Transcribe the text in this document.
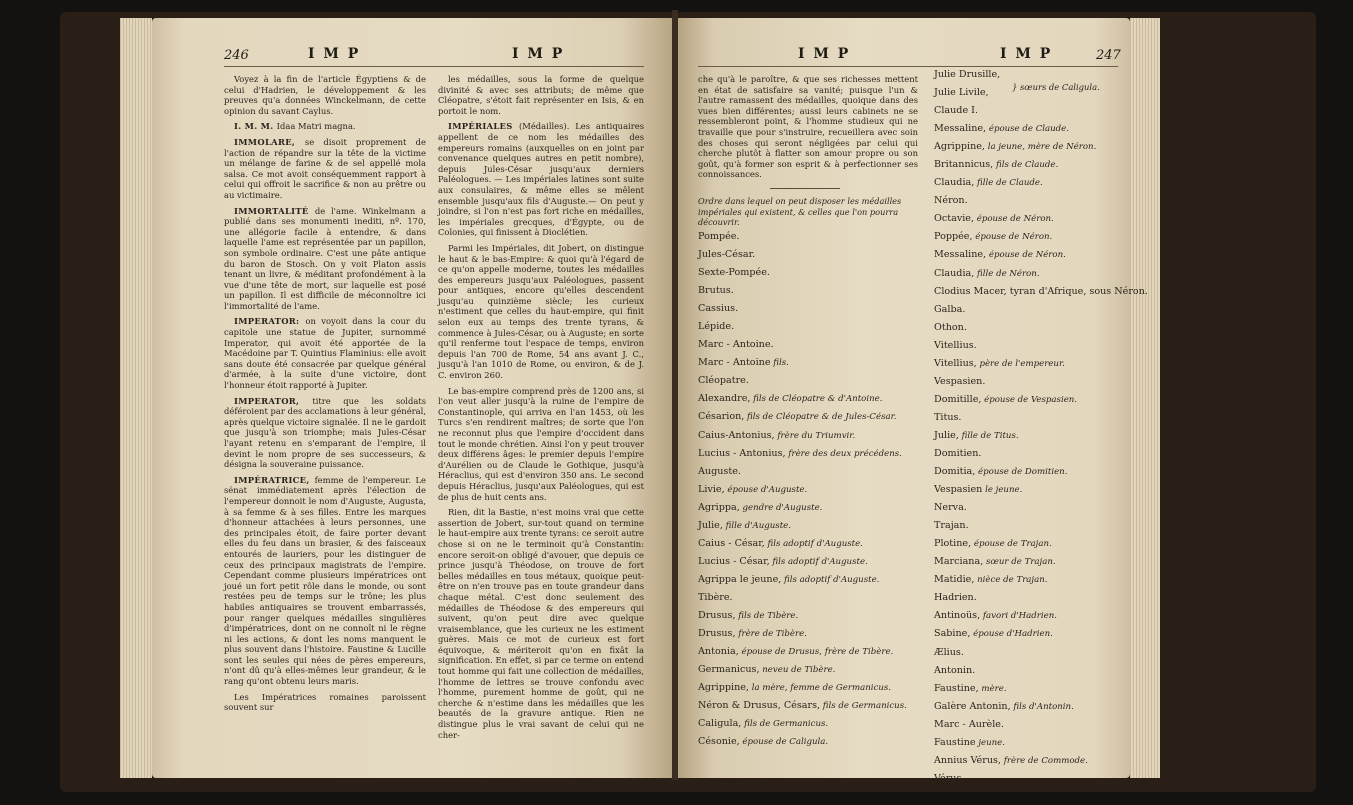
246	I M P	I M P

Voyez à la fin de l'article Égyptiens & de celui d'Hadrien, le développement & les preuves qu'a données Winckelmann, de cette opinion du savant Caylus.

I. M. M. Idaa Matri magna.

IMMOLARE, se disoit proprement de l'action de répandre sur la tête de la victime un mélange de farine & de sel appellé mola salsa. Ce mot avoit conséquemment rapport à celui qui offroit le sacrifice & non au prêtre ou au victimaire.

IMMORTALITÉ de l'ame. Winkelmann a publié dans ses monumenti inediti, nº. 170, une allégorie facile à entendre, & dans laquelle l'ame est représentée par un papillon, son symbole ordinaire. C'est une pâte antique du baron de Stosch. On y voit Platon assis tenant un livre, & méditant profondément à la vue d'une tête de mort, sur laquelle est posé un papillon. Il est difficile de méconnoître ici l'immortalité de l'ame.

IMPERATOR: on voyoit dans la cour du capitole une statue de Jupiter, surnommé Imperator, qui avoit été apportée de la Macédoine par T. Quintius Flaminius: elle avoit sans doute été consacrée par quelque général d'armée, à la suite d'une victoire, dont l'honneur étoit rapporté à Jupiter.

IMPERATOR, titre que les soldats déféroient par des acclamations à leur général, après quelque victoire signalée. Il ne le gardoit que jusqu'à son triomphe; mais Jules-César l'ayant retenu en s'emparant de l'empire, il devint le nom propre de ses successeurs, & désigna la souveraine puissance.

IMPÉRATRICE, femme de l'empereur. Le sénat immédiatement après l'élection de l'empereur donnoit le nom d'Auguste, Augusta, à sa femme & à ses filles. Entre les marques d'honneur attachées à leurs personnes, une des principales étoit, de faire porter devant elles du feu dans un brasier, & des faisceaux entourés de lauriers, pour les distinguer de ceux des principaux magistrats de l'empire. Cependant comme plusieurs impératrices ont joué un fort petit rôle dans le monde, ou sont restées peu de temps sur le trône; les plus habiles antiquaires se trouvent embarrassés, pour ranger quelques médailles singulières d'impératrices, dont on ne connoît ni le règne ni les actions, & dont les noms manquent le plus souvent dans l'histoire. Faustine & Lucille sont les seules qui nées de pères empereurs, n'ont dû qu'à elles-mêmes leur grandeur, & le rang qu'ont obtenu leurs maris.

Les Impératrices romaines paroissent souvent sur

les médailles, sous la forme de quelque divinité & avec ses attributs; de même que Cléopatre, s'étoit fait représenter en Isis, & en portoit le nom.

IMPÉRIALES (Médailles). Les antiquaires appellent de ce nom les médailles des empereurs romains (auxquelles on en joint par convenance quelques autres en petit nombre), depuis Jules-César jusqu'aux derniers Paléologues. — Les impériales latines sont suite aux consulaires, & même elles se mêlent ensemble jusqu'aux fils d'Auguste.— On peut y joindre, si l'on n'est pas fort riche en médailles, les impériales grecques, d'Égypte, ou de Colonies, qui finissent à Dioclétien.

Parmi les Impériales, dit Jobert, on distingue le haut & le bas-Empire: & quoi qu'à l'égard de ce qu'on appelle moderne, toutes les médailles des empereurs jusqu'aux Paléologues, passent pour antiques, encore qu'elles descendent jusqu'au quinzième siècle; les curieux n'estiment que celles du haut-empire, qui finit selon eux au temps des trente tyrans, & commence à Jules-César, ou à Auguste; en sorte qu'il renferme tout l'espace de temps, environ depuis l'an 700 de Rome, 54 ans avant J. C., jusqu'à l'an 1010 de Rome, ou environ, & de J. C. environ 260.

Le bas-empire comprend près de 1200 ans, si l'on veut aller jusqu'à la ruine de l'empire de Constantinople, qui arriva en l'an 1453, où les Turcs s'en rendirent maîtres; de sorte que l'on ne reconnut plus que l'empire d'occident dans tout le monde chrétien. Ainsi l'on y peut trouver deux différens âges: le premier depuis l'empire d'Aurélien ou de Claude le Gothique, jusqu'à Héraclius, qui est d'environ 350 ans. Le second depuis Héraclius, jusqu'aux Paléologues, qui est de plus de huit cents ans.

Rien, dit la Bastie, n'est moins vrai que cette assertion de Jobert, sur-tout quand on termine le haut-empire aux trente tyrans: ce seroit autre chose si on ne le terminoit qu'à Constantin: encore seroit-on obligé d'avouer, que depuis ce prince jusqu'à Théodose, on trouve de fort belles médailles en tous métaux, quoique peut-être on n'en trouve pas en toute grandeur dans chaque métal. C'est donc seulement des médailles de Théodose & des empereurs qui suivent, qu'on peut dire avec quelque vraisemblance, que les curieux ne les estiment guères. Mais ce mot de curieux est fort équivoque, & mériteroit qu'on en fixât la signification. En effet, si par ce terme on entend tout homme qui fait une collection de médailles, l'homme de lettres se trouve confondu avec l'homme, purement homme de goût, qui ne cherche & n'estime dans les médailles que les beautés de la gravure antique. Rien ne distingue plus le vrai savant de celui qui ne cher-

I M P	I M P	247
che qu'à le paroître, & que ses richesses mettent en état de satisfaire sa vanité; puisque l'un & l'autre ramassent des médailles, quoique dans des vues bien différentes; aussi leurs cabinets ne se ressembleront point, & l'homme studieux qui ne travaille que pour s'instruire, recueillera avec soin des choses qui seront négligées par celui qui cherche plutôt à flatter son amour propre ou son goût, qu'à former son esprit & à perfectionner ses connoissances.
Ordre dans lequel on peut disposer les médailles impériales qui existent, & celles que l'on pourra découvrir.
Pompée.
Jules-César.
Sexte-Pompée.
Brutus.
Cassius.
Lépide.
Marc - Antoine.
Marc - Antoine fils.
Cléopatre.
Alexandre, fils de Cléopatre & d'Antoine.
Césarion, fils de Cléopatre & de Jules-César.
Caius-Antonius, frère du Triumvir.
Lucius - Antonius, frère des deux précédens.
Auguste.
Livie, épouse d'Auguste.
Agrippa, gendre d'Auguste.
Julie, fille d'Auguste.
Caius - César, fils adoptif d'Auguste.
Lucius - César, fils adoptif d'Auguste.
Agrippa le jeune, fils adoptif d'Auguste.
Tibère.
Drusus, fils de Tibère.
Drusus, frère de Tibère.
Antonia, épouse de Drusus, frère de Tibère.
Germanicus, neveu de Tibère.
Agrippine, la mère, femme de Germanicus.
Néron & Drusus, Césars, fils de Germanicus.
Caligula, fils de Germanicus.
Césonie, épouse de Caligula.
Julie Drusille,
Julie Livile,
Claude I.
Messaline, épouse de Claude.
Agrippine, la jeune, mère de Néron.
Britannicus, fils de Claude.
Claudia, fille de Claude.
Néron.
Octavie, épouse de Néron.
Poppée, épouse de Néron.
Messaline, épouse de Néron.
Claudia, fille de Néron.
Clodius Macer, tyran d'Afrique, sous Néron.
Galba.
Othon.
Vitellius.
Vitellius, père de l'empereur.
Vespasien.
Domitille, épouse de Vespasien.
Titus.
Julie, fille de Titus.
Domitien.
Domitia, épouse de Domitien.
Vespasien le jeune.
Nerva.
Trajan.
Plotine, épouse de Trajan.
Marciana, sœur de Trajan.
Matidie, nièce de Trajan.
Hadrien.
Antinoüs, favori d'Hadrien.
Sabine, épouse d'Hadrien.
Ælius.
Antonin.
Faustine, mère.
Galère Antonin, fils d'Antonin.
Marc - Aurèle.
Faustine jeune.
Annius Vérus, frère de Commode.
Vérus.
} sœurs de Caligula.
